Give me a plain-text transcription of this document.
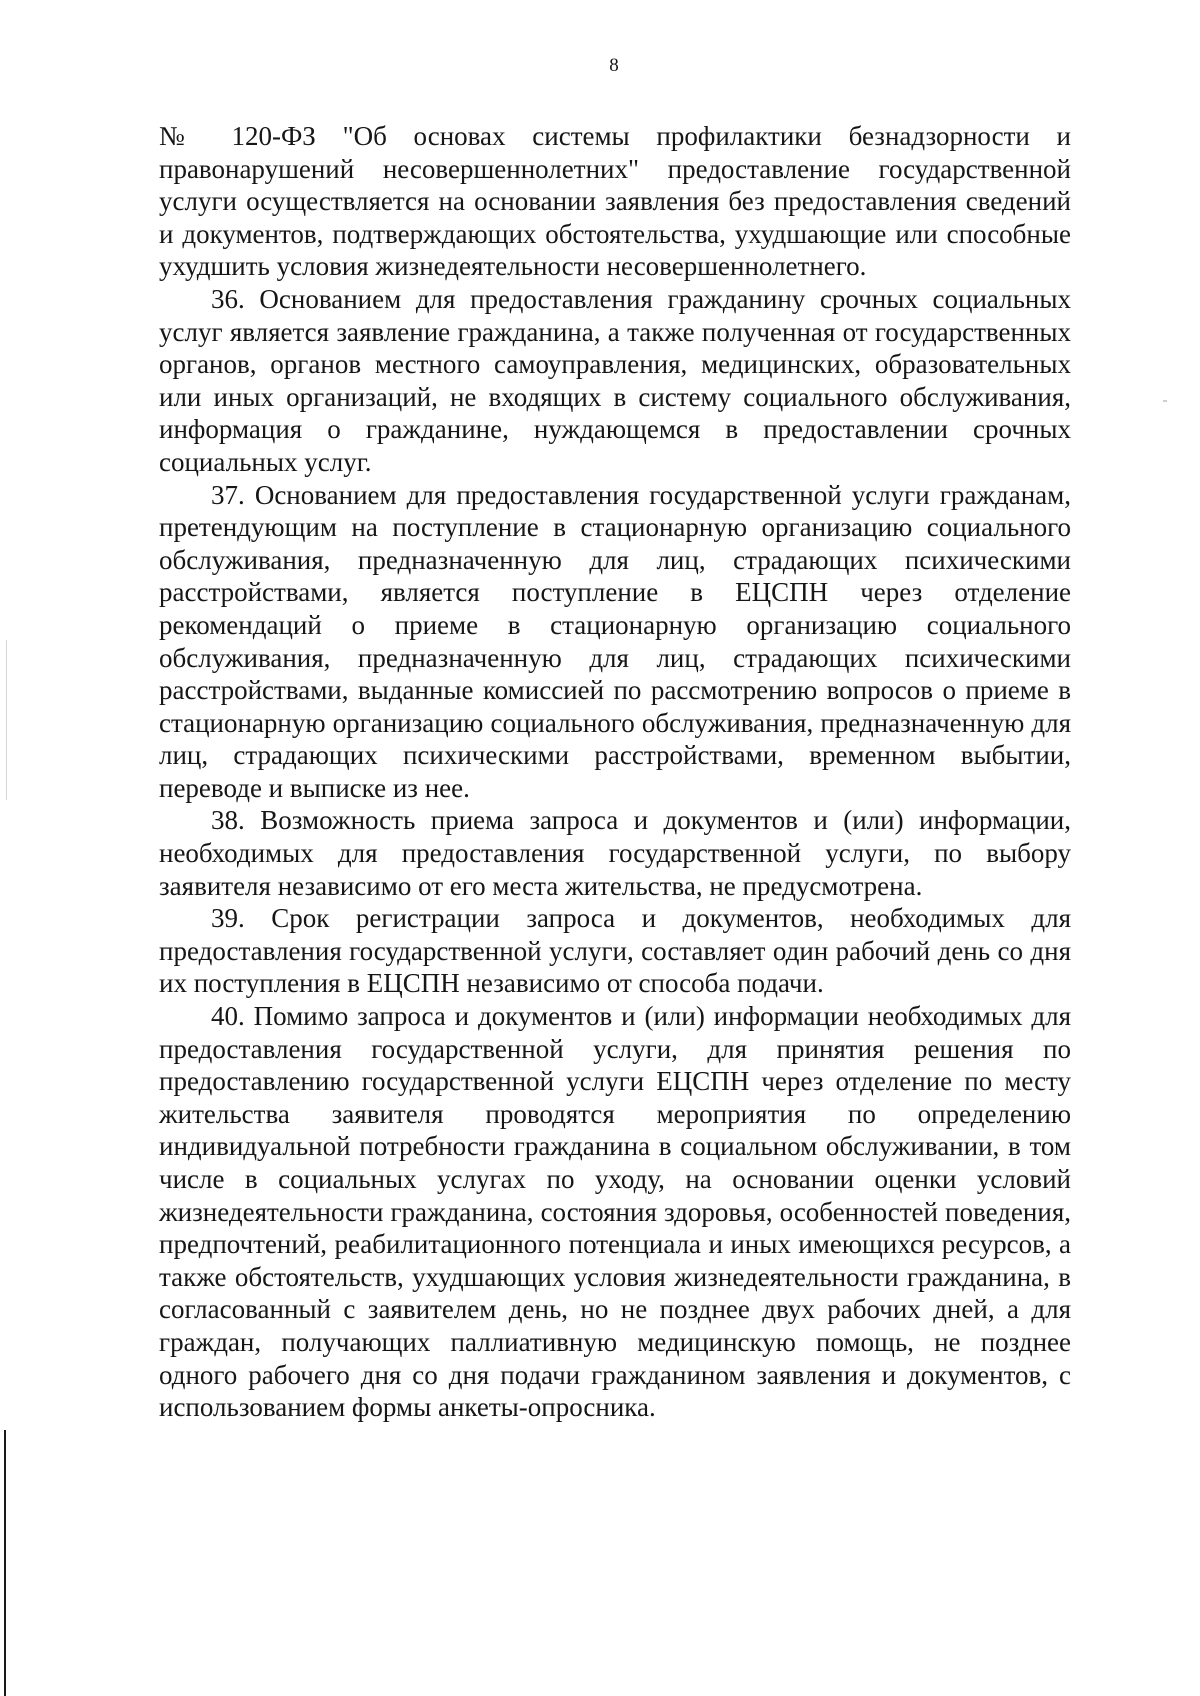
8

№ 120-ФЗ "Об основах системы профилактики безнадзорности и правонарушений несовершеннолетних" предоставление государственной услуги осуществляется на основании заявления без предоставления сведений и документов, подтверждающих обстоятельства, ухудшающие или способные ухудшить условия жизнедеятельности несовершеннолетнего.

36. Основанием для предоставления гражданину срочных социальных услуг является заявление гражданина, а также полученная от государственных органов, органов местного самоуправления, медицинских, образовательных или иных организаций, не входящих в систему социального обслуживания, информация о гражданине, нуждающемся в предоставлении срочных социальных услуг.

37. Основанием для предоставления государственной услуги гражданам, претендующим на поступление в стационарную организацию социального обслуживания, предназначенную для лиц, страдающих психическими расстройствами, является поступление в ЕЦСПН через отделение рекомендаций о приеме в стационарную организацию социального обслуживания, предназначенную для лиц, страдающих психическими расстройствами, выданные комиссией по рассмотрению вопросов о приеме в стационарную организацию социального обслуживания, предназначенную для лиц, страдающих психическими расстройствами, временном выбытии, переводе и выписке из нее.

38. Возможность приема запроса и документов и (или) информации, необходимых для предоставления государственной услуги, по выбору заявителя независимо от его места жительства, не предусмотрена.

39. Срок регистрации запроса и документов, необходимых для предоставления государственной услуги, составляет один рабочий день со дня их поступления в ЕЦСПН независимо от способа подачи.

40. Помимо запроса и документов и (или) информации необходимых для предоставления государственной услуги, для принятия решения по предоставлению государственной услуги ЕЦСПН через отделение по месту жительства заявителя проводятся мероприятия по определению индивидуальной потребности гражданина в социальном обслуживании, в том числе в социальных услугах по уходу, на основании оценки условий жизнедеятельности гражданина, состояния здоровья, особенностей поведения, предпочтений, реабилитационного потенциала и иных имеющихся ресурсов, а также обстоятельств, ухудшающих условия жизнедеятельности гражданина, в согласованный с заявителем день, но не позднее двух рабочих дней, а для граждан, получающих паллиативную медицинскую помощь, не позднее одного рабочего дня со дня подачи гражданином заявления и документов, с использованием формы анкеты-опросника.
